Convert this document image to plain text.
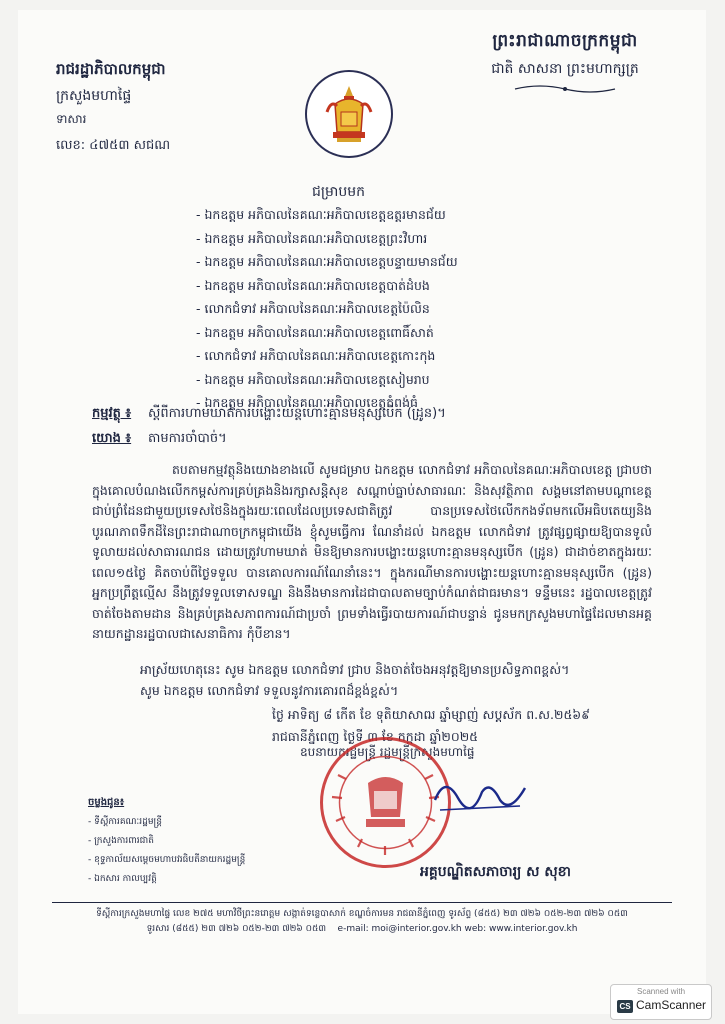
ព្រះរាជាណាចក្រកម្ពុជា
ជាតិ សាសនា ព្រះមហាក្សត្រ
រាជរដ្ឋាភិបាលកម្ពុជា
ក្រសួងមហាផ្ទៃ
ទាសារ
លេខ: ៤៧៥៣ សជណ
ជម្រាបមក
- ឯកឧត្តម អភិបាលនៃគណៈអភិបាលខេត្តឧត្តរមានជ័យ
- ឯកឧត្តម អភិបាលនៃគណៈអភិបាលខេត្តព្រះវិហារ
- ឯកឧត្តម អភិបាលនៃគណៈអភិបាលខេត្តបន្ទាយមានជ័យ
- ឯកឧត្តម អភិបាលនៃគណៈអភិបាលខេត្តបាត់ដំបង
- លោកជំទាវ អភិបាលនៃគណៈអភិបាលខេត្តប៉ៃលិន
- ឯកឧត្តម អភិបាលនៃគណៈអភិបាលខេត្តពោធិ៍សាត់
- លោកជំទាវ អភិបាលនៃគណៈអភិបាលខេត្តកោះកុង
- ឯកឧត្តម អភិបាលនៃគណៈអភិបាលខេត្តសៀមរាប
- ឯកឧត្តម អភិបាលនៃគណៈអភិបាលខេត្តកំពង់ធំ
កម្មវត្ថុ ៖	ស្តីពីការហាមឃាត់ការបង្ហោះយន្តហោះគ្មានមនុស្សបើក (ដ្រូន)។
យោង ៖	តាមការចាំបាច់។

តបតាមកម្មវត្ថុនិងយោងខាងលើ សូមជម្រាប ឯកឧត្តម លោកជំទាវ អភិបាលនៃគណៈអភិបាលខេត្ត ជ្រាបថា ក្នុងគោលបំណងលើកកម្ពស់ការគ្រប់គ្រងនិងរក្សាសន្តិសុខ សណ្តាប់ធ្នាប់សាធារណៈ និងសុវត្ថិភាព សង្គមនៅតាមបណ្តាខេត្តជាប់ព្រំដែនជាមួយប្រទេសថៃនិងក្នុងរយៈពេលដែលប្រទេសជាតិត្រូវ បានប្រទេសថៃលើកកងទ័ពមកលើអធិបតេយ្យនិងបូរណភាពទឹកដីនៃព្រះរាជាណាចក្រកម្ពុជាយើង ខ្ញុំសូមធ្វើការ ណែនាំដល់ ឯកឧត្តម លោកជំទាវ ត្រូវផ្សព្វផ្សាយឱ្យបានទូលំទូលាយដល់សាធារណជន ដោយត្រូវហាមឃាត់ មិនឱ្យមានការបង្ហោះយន្តហោះគ្មានមនុស្សបើក (ដ្រូន) ជាដាច់ខាតក្នុងរយៈពេល១៥ថ្ងៃ គិតចាប់ពីថ្ងៃទទួល បានគោលការណ៍ណែនាំនេះ។ ក្នុងករណីមានការបង្ហោះយន្តហោះគ្មានមនុស្សបើក (ដ្រូន) អ្នកប្រព្រឹត្តល្មើស នឹងត្រូវទទួលទោសទណ្ឌ និងនឹងមានការដៃជាបាលតាមច្បាប់កំណត់ជាធរមាន។ ទន្ទឹមនេះ រដ្ឋបាលខេត្តត្រូវ ចាត់ចែងតាមដាន និងគ្រប់គ្រងសភាពការណ៍ជាប្រចាំ ព្រមទាំងធ្វើរបាយការណ៍ជាបន្ទាន់ ជូនមកក្រសួងមហាផ្ទៃដែលមានអគ្គនាយកដ្ឋានរដ្ឋបាលជាសេនាធិការ កុំបីខាន។

អាស្រ័យហេតុនេះ សូម ឯកឧត្តម លោកជំទាវ ជ្រាប និងចាត់ចែងអនុវត្តឱ្យមានប្រសិទ្ធភាពខ្ពស់។

សូម ឯកឧត្តម លោកជំទាវ ទទួលនូវការគោរពដ៏ខ្ពង់ខ្ពស់។

ថ្ងៃ អាទិត្យ ៨ កើត ខែ ទុតិយាសាឍ ឆ្នាំម្សាញ់ សប្តស័ក ព.ស.២៥៦៩
រាជធានីភ្នំពេញ ថ្ងៃទី ៣ ខែ កក្កដា ឆ្នាំ២០២៥
ឧបនាយករដ្ឋមន្ត្រី រដ្ឋមន្ត្រីក្រសួងមហាផ្ទៃ
អគ្គបណ្ឌិតសភាចារ្យ ស សុខា
ចម្លងជូន៖
- ទីស្តីការគណៈរដ្ឋមន្ត្រី
- ក្រសួងការពារជាតិ
- ខុទ្ទកាល័យសម្តេចមហាបវរធិបតីនាយករដ្ឋមន្ត្រី
- ឯកសារ កាលប្បវត្តិ
ទីស្តីការក្រសួងមហាផ្ទៃ លេខ ២៧៥ មហាវិថីព្រះនរោត្តម សង្កាត់ទន្លេបាសាក់ ខណ្ឌចំការមន រាជធានីភ្នំពេញ ទូរស័ព្ទ (៨៥៥) ២៣ ៧២៦ ០៥២-២៣ ៧២៦ ០៥៣
ទូរសារ (៨៥៥) ២៣ ៧២៦ ០៥២-២៣ ៧២៦ ០៥៣ e-mail: moi@interior.gov.kh web: www.interior.gov.kh
Scanned with
CS CamScanner
